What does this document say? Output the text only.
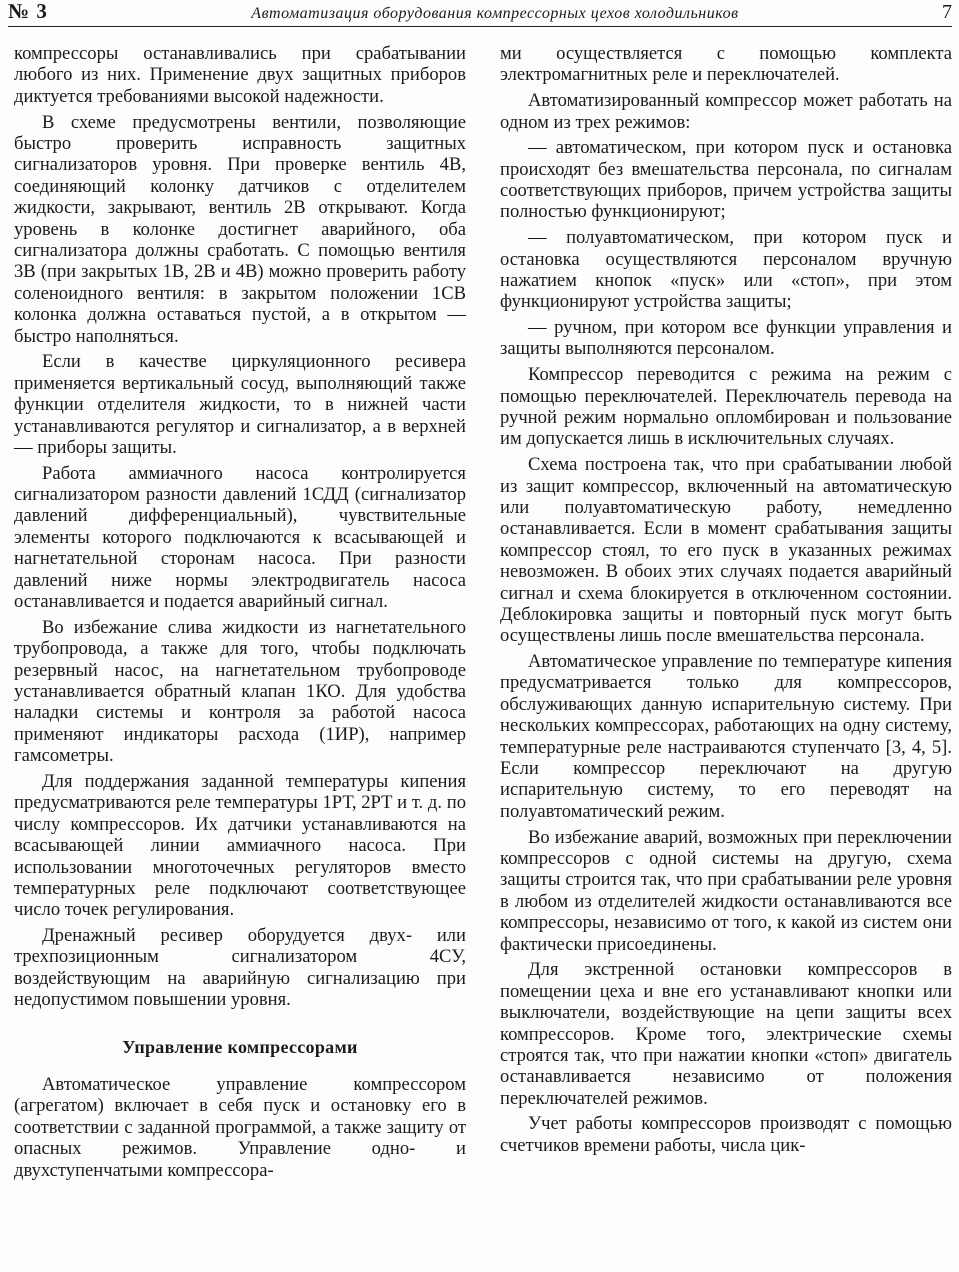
№ 3	Автоматизация оборудования компрессорных цехов холодильников	7

компрессоры останавливались при срабатывании любого из них. Применение двух защитных приборов диктуется требованиями высокой надежности.

В схеме предусмотрены вентили, позволяющие быстро проверить исправность защитных сигнализаторов уровня. При проверке вентиль 4В, соединяющий колонку датчиков с отделителем жидкости, закрывают, вентиль 2В открывают. Когда уровень в колонке достигнет аварийного, оба сигнализатора должны сработать. С помощью вентиля 3В (при закрытых 1В, 2В и 4В) можно проверить работу соленоидного вентиля: в закрытом положении 1СВ колонка должна оставаться пустой, а в открытом — быстро наполняться.

Если в качестве циркуляционного ресивера применяется вертикальный сосуд, выполняющий также функции отделителя жидкости, то в нижней части устанавливаются регулятор и сигнализатор, а в верхней — приборы защиты.

Работа аммиачного насоса контролируется сигнализатором разности давлений 1СДД (сигнализатор давлений дифференциальный), чувствительные элементы которого подключаются к всасывающей и нагнетательной сторонам насоса. При разности давлений ниже нормы электродвигатель насоса останавливается и подается аварийный сигнал.

Во избежание слива жидкости из нагнетательного трубопровода, а также для того, чтобы подключать резервный насос, на нагнетательном трубопроводе устанавливается обратный клапан 1КО. Для удобства наладки системы и контроля за работой насоса применяют индикаторы расхода (1ИР), например гамсометры.

Для поддержания заданной температуры кипения предусматриваются реле температуры 1РТ, 2РТ и т. д. по числу компрессоров. Их датчики устанавливаются на всасывающей линии аммиачного насоса. При использовании многоточечных регуляторов вместо температурных реле подключают соответствующее число точек регулирования.

Дренажный ресивер оборудуется двух- или трехпозиционным сигнализатором 4СУ, воздействующим на аварийную сигнализацию при недопустимом повышении уровня.

Управление компрессорами

Автоматическое управление компрессором (агрегатом) включает в себя пуск и остановку его в соответствии с заданной программой, а также защиту от опасных режимов. Управление одно- и двухступенчатыми компрессора-

ми осуществляется с помощью комплекта электромагнитных реле и переключателей.

Автоматизированный компрессор может работать на одном из трех режимов:

— автоматическом, при котором пуск и остановка происходят без вмешательства персонала, по сигналам соответствующих приборов, причем устройства защиты полностью функционируют;

— полуавтоматическом, при котором пуск и остановка осуществляются персоналом вручную нажатием кнопок «пуск» или «стоп», при этом функционируют устройства защиты;

— ручном, при котором все функции управления и защиты выполняются персоналом.

Компрессор переводится с режима на режим с помощью переключателей. Переключатель перевода на ручной режим нормально опломбирован и пользование им допускается лишь в исключительных случаях.

Схема построена так, что при срабатывании любой из защит компрессор, включенный на автоматическую или полуавтоматическую работу, немедленно останавливается. Если в момент срабатывания защиты компрессор стоял, то его пуск в указанных режимах невозможен. В обоих этих случаях подается аварийный сигнал и схема блокируется в отключенном состоянии. Деблокировка защиты и повторный пуск могут быть осуществлены лишь после вмешательства персонала.

Автоматическое управление по температуре кипения предусматривается только для компрессоров, обслуживающих данную испарительную систему. При нескольких компрессорах, работающих на одну систему, температурные реле настраиваются ступенчато [3, 4, 5]. Если компрессор переключают на другую испарительную систему, то его переводят на полуавтоматический режим.

Во избежание аварий, возможных при переключении компрессоров с одной системы на другую, схема защиты строится так, что при срабатывании реле уровня в любом из отделителей жидкости останавливаются все компрессоры, независимо от того, к какой из систем они фактически присоединены.

Для экстренной остановки компрессоров в помещении цеха и вне его устанавливают кнопки или выключатели, воздействующие на цепи защиты всех компрессоров. Кроме того, электрические схемы строятся так, что при нажатии кнопки «стоп» двигатель останавливается независимо от положения переключателей режимов.

Учет работы компрессоров производят с помощью счетчиков времени работы, числа цик-
